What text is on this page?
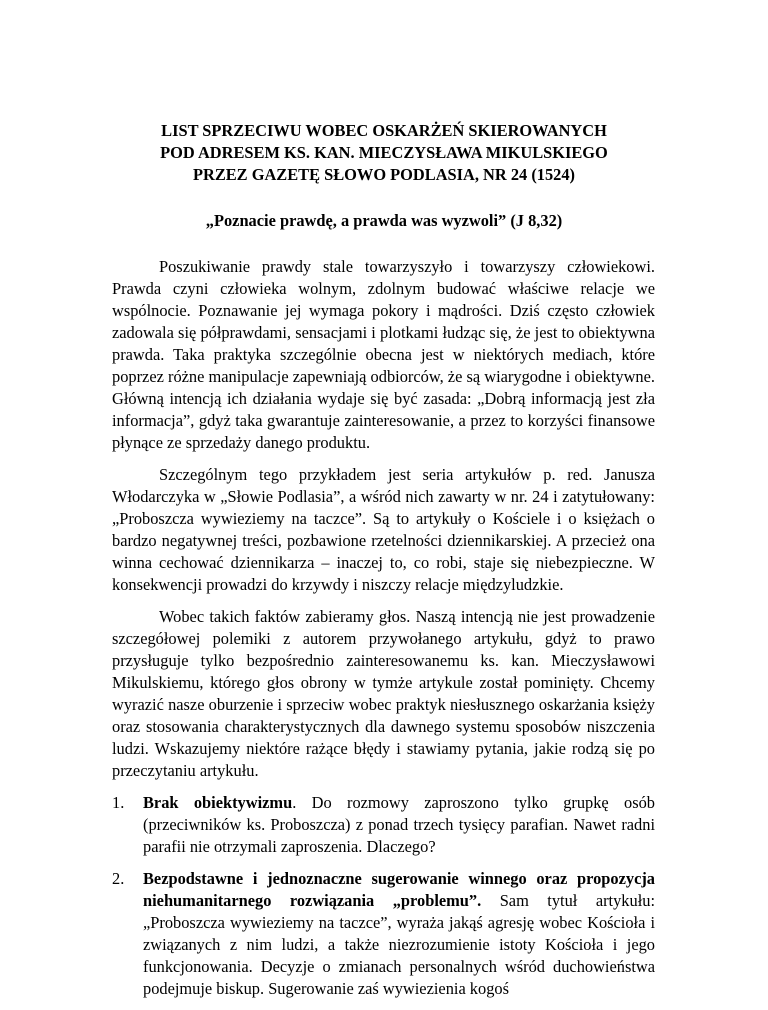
LIST SPRZECIWU WOBEC OSKARŻEŃ SKIEROWANYCH
POD ADRESEM KS. KAN. MIECZYSŁAWA MIKULSKIEGO
PRZEZ GAZETĘ SŁOWO PODLASIA, NR 24 (1524)
„Poznacie prawdę, a prawda was wyzwoli” (J 8,32)

Poszukiwanie prawdy stale towarzyszyło i towarzyszy człowiekowi. Prawda czyni człowieka wolnym, zdolnym budować właściwe relacje we wspólnocie. Poznawanie jej wymaga pokory i mądrości. Dziś często człowiek zadowala się półprawdami, sensacjami i plotkami łudząc się, że jest to obiektywna prawda. Taka praktyka szczególnie obecna jest w niektórych mediach, które poprzez różne manipulacje zapewniają odbiorców, że są wiarygodne i obiektywne. Główną intencją ich działania wydaje się być zasada: „Dobrą informacją jest zła informacja”, gdyż taka gwarantuje zainteresowanie, a przez to korzyści finansowe płynące ze sprzedaży danego produktu.

Szczególnym tego przykładem jest seria artykułów p. red. Janusza Włodarczyka w „Słowie Podlasia”, a wśród nich zawarty w nr. 24 i zatytułowany: „Proboszcza wywieziemy na taczce”. Są to artykuły o Kościele i o księżach o bardzo negatywnej treści, pozbawione rzetelności dziennikarskiej. A przecież ona winna cechować dziennikarza – inaczej to, co robi, staje się niebezpieczne. W konsekwencji prowadzi do krzywdy i niszczy relacje międzyludzkie.

Wobec takich faktów zabieramy głos. Naszą intencją nie jest prowadzenie szczegółowej polemiki z autorem przywołanego artykułu, gdyż to prawo przysługuje tylko bezpośrednio zainteresowanemu ks. kan. Mieczysławowi Mikulskiemu, którego głos obrony w tymże artykule został pominięty. Chcemy wyrazić nasze oburzenie i sprzeciw wobec praktyk niesłusznego oskarżania księży oraz stosowania charakterystycznych dla dawnego systemu sposobów niszczenia ludzi. Wskazujemy niektóre rażące błędy i stawiamy pytania, jakie rodzą się po przeczytaniu artykułu.

1. Brak obiektywizmu. Do rozmowy zaproszono tylko grupkę osób (przeciwników ks. Proboszcza) z ponad trzech tysięcy parafian. Nawet radni parafii nie otrzymali zaproszenia. Dlaczego?
2. Bezpodstawne i jednoznaczne sugerowanie winnego oraz propozycja niehumanitarnego rozwiązania „problemu”. Sam tytuł artykułu: „Proboszcza wywieziemy na taczce”, wyraża jakąś agresję wobec Kościoła i związanych z nim ludzi, a także niezrozumienie istoty Kościoła i jego funkcjonowania. Decyzje o zmianach personalnych wśród duchowieństwa podejmuje biskup. Sugerowanie zaś wywiezienia kogoś
